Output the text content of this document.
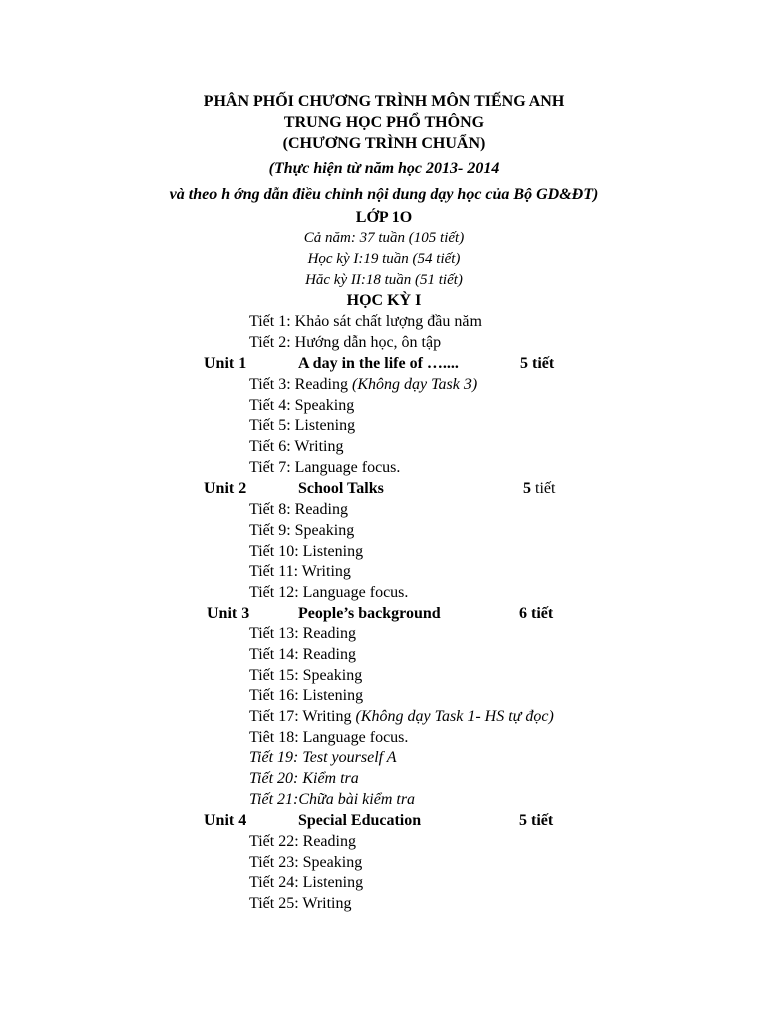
PHÂN PHỐI CHƯƠNG TRÌNH MÔN TIẾNG ANH
TRUNG HỌC PHỔ THÔNG
(CHƯƠNG TRÌNH CHUẨN)
(Thực hiện từ năm học 2013- 2014
và theo h ớng dẫn điều chỉnh nội dung dạy học của Bộ GD&ĐT)
LỚP 1O
Cả năm: 37 tuần (105 tiết)
Học kỳ I:19 tuần (54 tiết)
Hăc kỳ II:18 tuần (51 tiết)
HỌC KỲ I
Tiết 1: Khảo sát chất lượng đầu năm
Tiết 2: Hướng dẫn học, ôn tập
Unit 1	A day in the life of …....	5 tiết
Tiết 3: Reading (Không dạy Task 3)
Tiết 4: Speaking
Tiết 5: Listening
Tiết 6: Writing
Tiết 7: Language focus.
Unit 2	School Talks	5 tiết
Tiết 8: Reading
Tiết 9: Speaking
Tiết 10: Listening
Tiết 11: Writing
Tiết 12: Language focus.
Unit 3	People’s background	6 tiết
Tiết 13: Reading
Tiết 14: Reading
Tiết 15: Speaking
Tiết 16: Listening
Tiết 17: Writing (Không dạy Task 1- HS tự đọc)
Tiêt 18: Language focus.
Tiết 19: Test yourself A
Tiết 20: Kiểm tra
Tiết 21:Chữa bài kiểm tra
Unit 4	Special Education	5 tiết
Tiết 22: Reading
Tiết 23: Speaking
Tiết 24: Listening
Tiết 25: Writing
